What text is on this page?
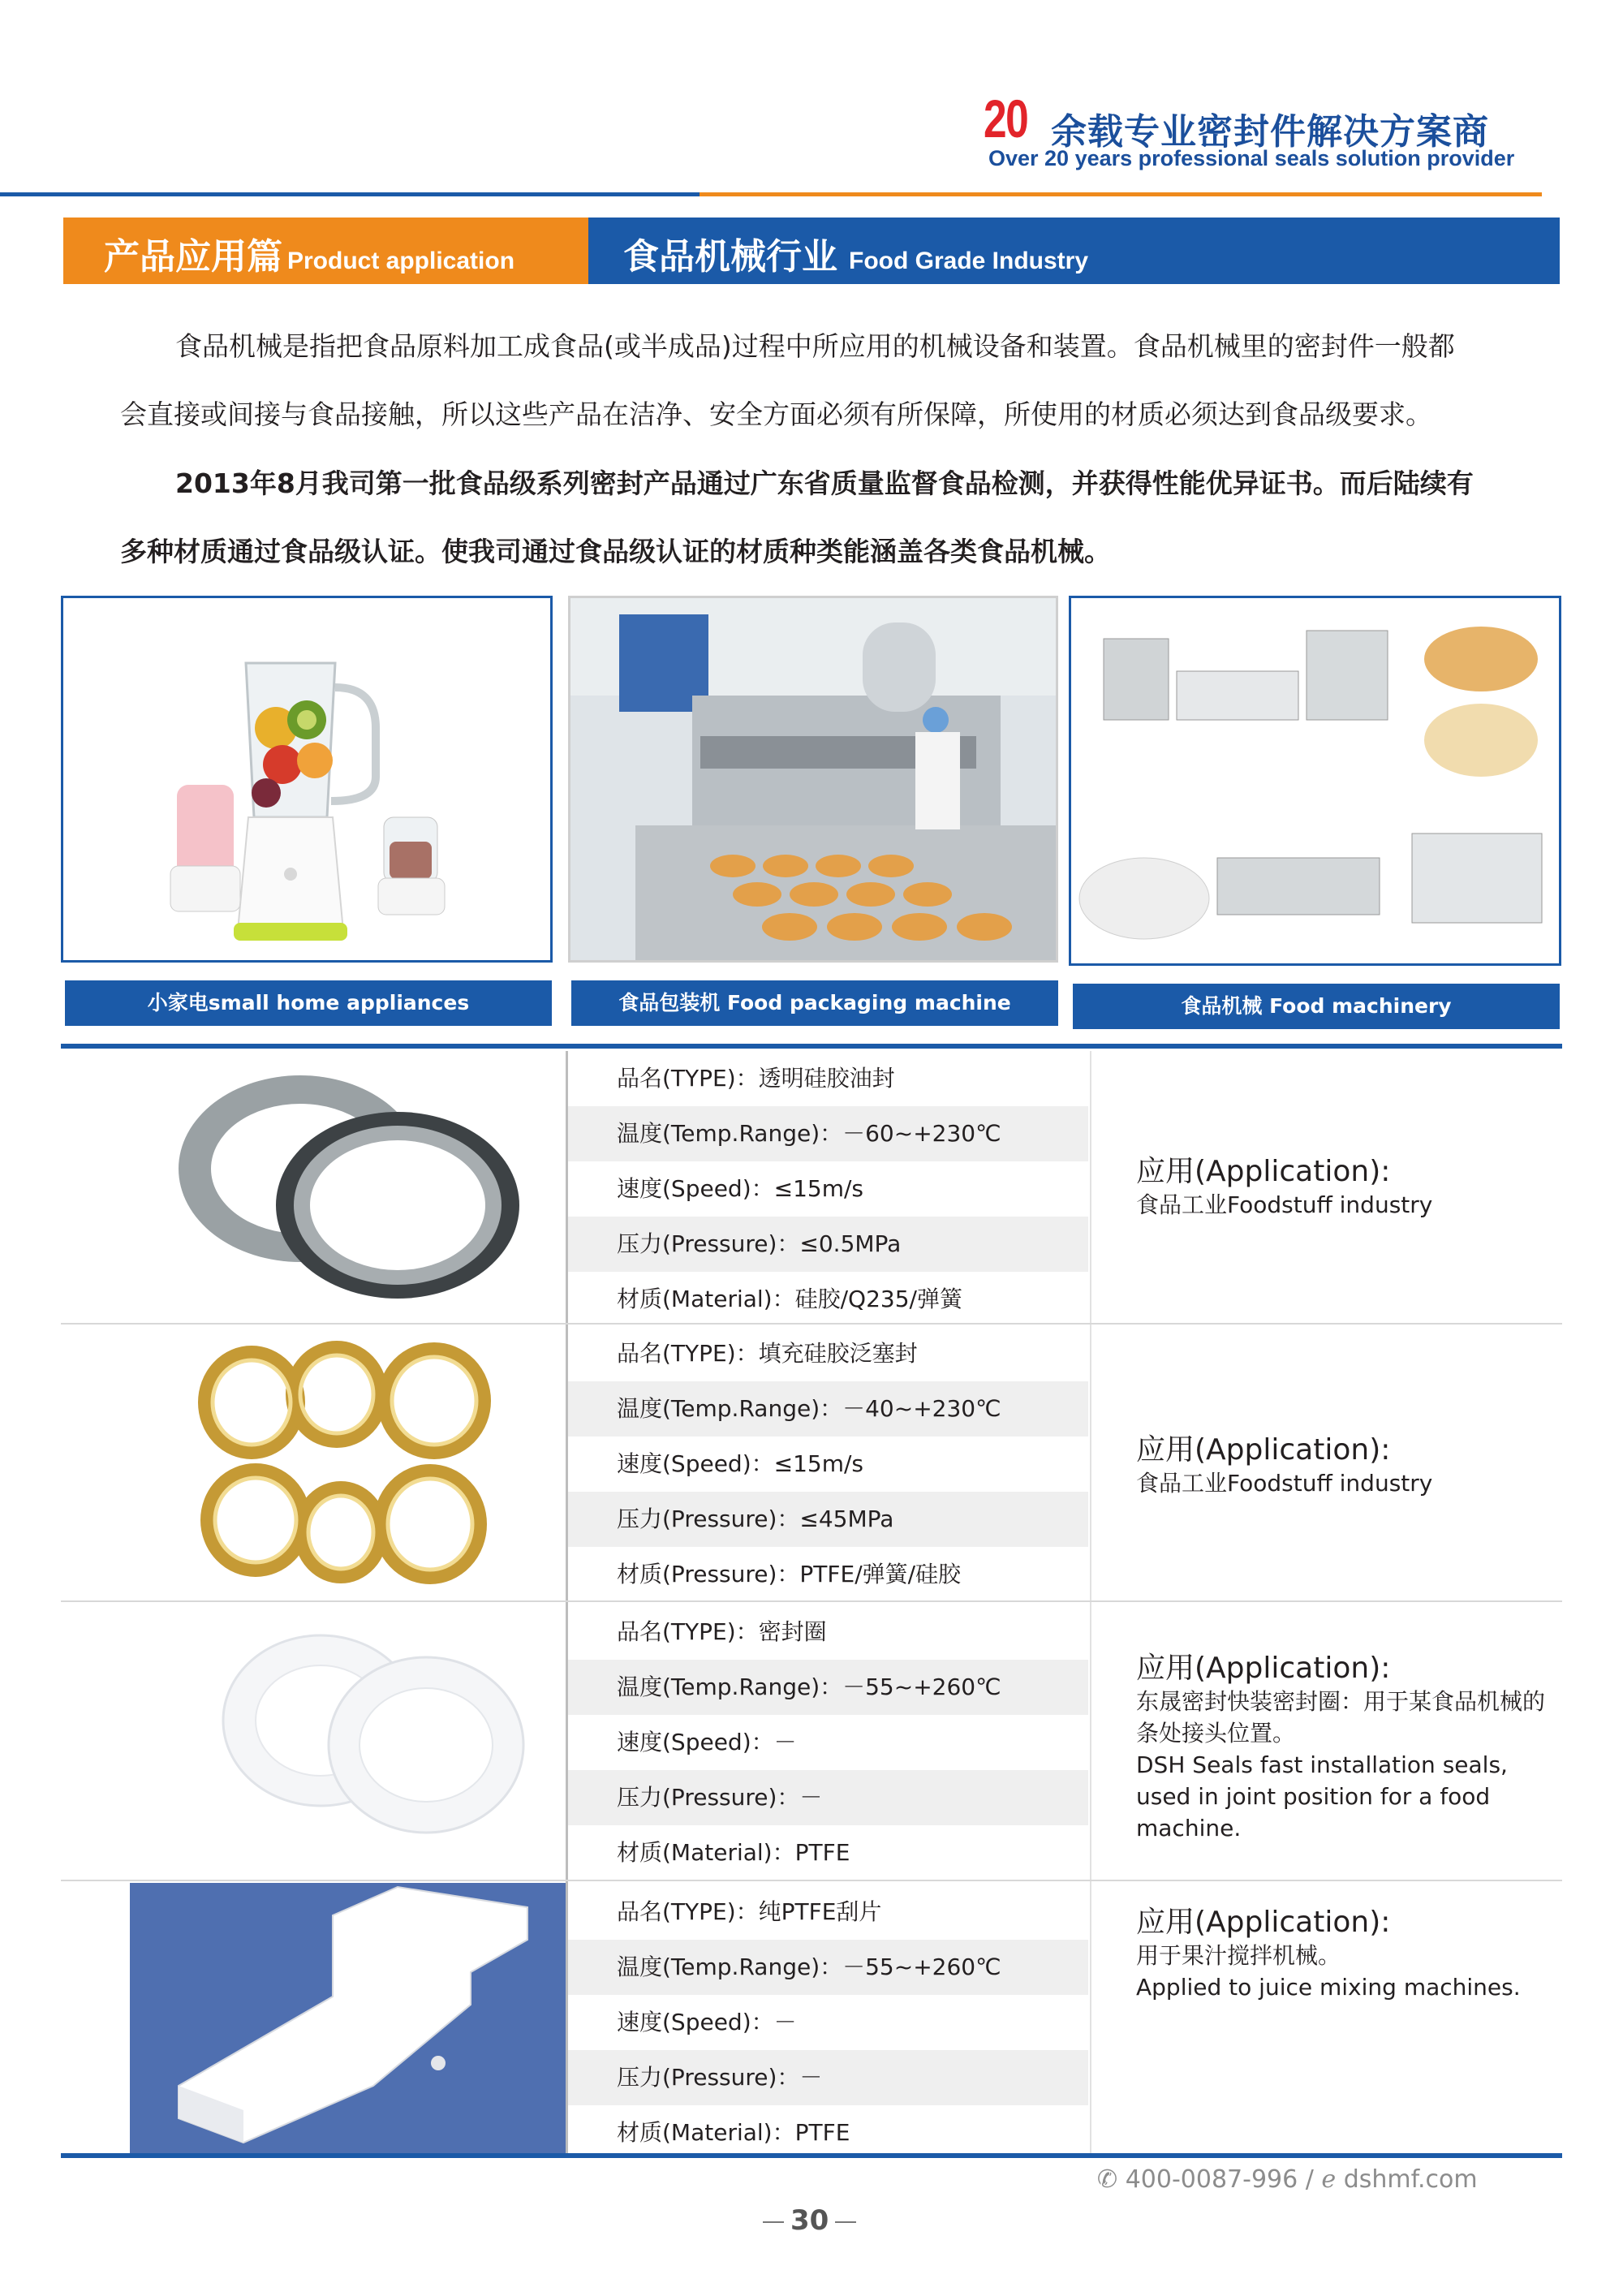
20 余载专业密封件解决方案商
Over 20 years professional seals solution provider
产品应用篇 Product application	食品机械行业 Food Grade Industry

食品机械是指把食品原料加工成食品(或半成品)过程中所应用的机械设备和装置。食品机械里的密封件一般都

会直接或间接与食品接触，所以这些产品在洁净、安全方面必须有所保障，所使用的材质必须达到食品级要求。

2013年8月我司第一批食品级系列密封产品通过广东省质量监督食品检测，并获得性能优异证书。而后陆续有

多种材质通过食品级认证。使我司通过食品级认证的材质种类能涵盖各类食品机械。

小家电small home appliances	食品包装机 Food packaging machine	食品机械 Food machinery
品名(TYPE)：透明硅胶油封
温度(Temp.Range)：－60~+230℃
速度(Speed)：≤15m/s
压力(Pressure)：≤0.5MPa
材质(Material)：硅胶/Q235/弹簧
应用(Application):
食品工业Foodstuff industry
品名(TYPE)：填充硅胶泛塞封
温度(Temp.Range)：－40~+230℃
速度(Speed)：≤15m/s
压力(Pressure)：≤45MPa
材质(Pressure)：PTFE/弹簧/硅胶
应用(Application):
食品工业Foodstuff industry
品名(TYPE)：密封圈
温度(Temp.Range)：－55~+260℃
速度(Speed)：－
压力(Pressure)：－
材质(Material)：PTFE
应用(Application):
东晟密封快装密封圈：用于某食品机械的条处接头位置。
DSH Seals fast installation seals, used in joint position for a food machine.
品名(TYPE)：纯PTFE刮片
温度(Temp.Range)：－55~+260℃
速度(Speed)：－
压力(Pressure)：－
材质(Material)：PTFE
应用(Application):
用于果汁搅拌机械。
Applied to juice mixing machines.
✆ 400-0087-996 / ℯ dshmf.com
30
